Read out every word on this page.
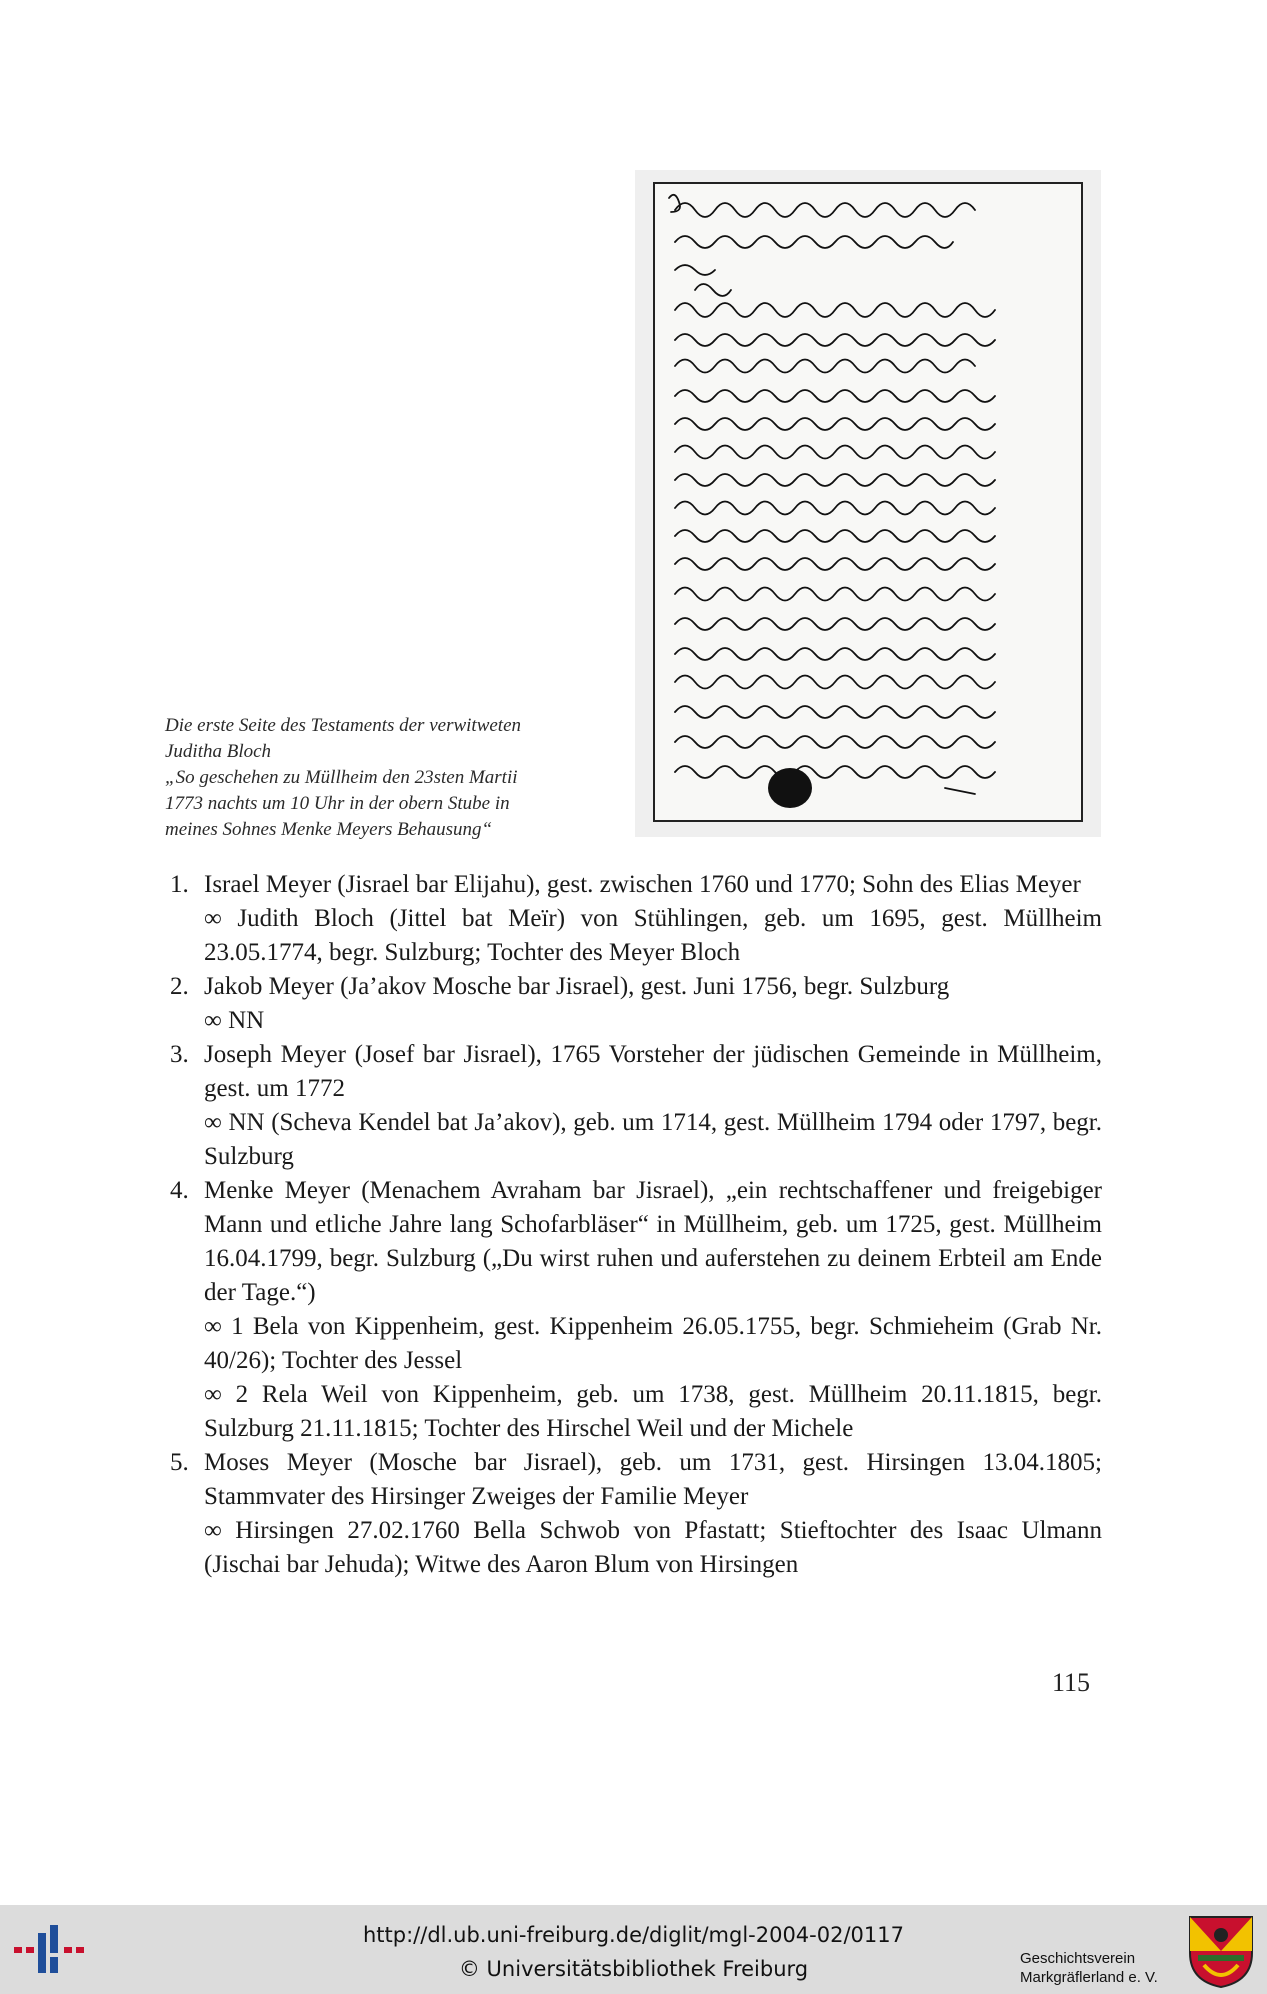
Die erste Seite des Testaments der verwitweten
Juditha Bloch
„So geschehen zu Müllheim den 23sten Martii
1773 nachts um 10 Uhr in der obern Stube in
meines Sohnes Menke Meyers Behausung“
1. Israel Meyer (Jisrael bar Elijahu), gest. zwischen 1760 und 1770; Sohn des Elias Meyer

∞ Judith Bloch (Jittel bat Meïr) von Stühlingen, geb. um 1695, gest. Müllheim 23.05.1774, begr. Sulzburg; Tochter des Meyer Bloch

2. Jakob Meyer (Ja’akov Mosche bar Jisrael), gest. Juni 1756, begr. Sulzburg

∞ NN

3. Joseph Meyer (Josef bar Jisrael), 1765 Vorsteher der jüdischen Gemeinde in Müllheim, gest. um 1772

∞ NN (Scheva Kendel bat Ja’akov), geb. um 1714, gest. Müllheim 1794 oder 1797, begr. Sulzburg

4. Menke Meyer (Menachem Avraham bar Jisrael), „ein rechtschaffener und freigebiger Mann und etliche Jahre lang Schofarbläser“ in Müllheim, geb. um 1725, gest. Müllheim 16.04.1799, begr. Sulzburg („Du wirst ruhen und auferstehen zu deinem Erbteil am Ende der Tage.“)

∞ 1 Bela von Kippenheim, gest. Kippenheim 26.05.1755, begr. Schmieheim (Grab Nr. 40/26); Tochter des Jessel

∞ 2 Rela Weil von Kippenheim, geb. um 1738, gest. Müllheim 20.11.1815, begr. Sulzburg 21.11.1815; Tochter des Hirschel Weil und der Michele

5. Moses Meyer (Mosche bar Jisrael), geb. um 1731, gest. Hirsingen 13.04.1805; Stammvater des Hirsinger Zweiges der Familie Meyer

∞ Hirsingen 27.02.1760 Bella Schwob von Pfastatt; Stieftochter des Isaac Ulmann (Jischai bar Jehuda); Witwe des Aaron Blum von Hirsingen

115
http://dl.ub.uni-freiburg.de/diglit/mgl-2004-02/0117
© Universitätsbibliothek Freiburg	Geschichtsverein
Markgräflerland e. V.
